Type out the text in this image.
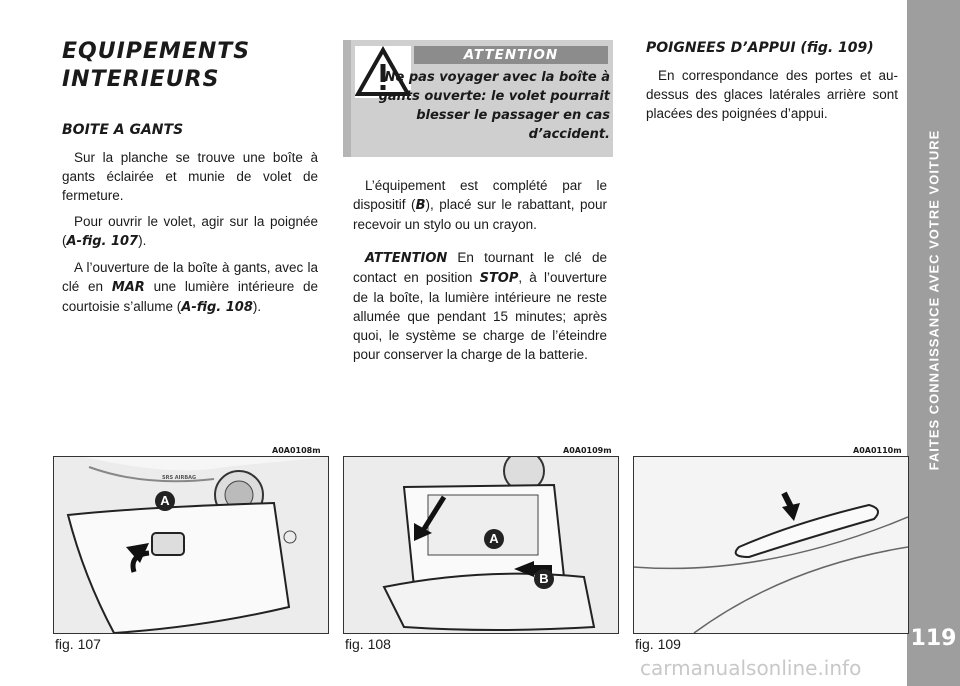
FAITES CONNAISSANCE AVEC VOTRE VOITURE
119
EQUIPEMENTS
INTERIEURS
BOITE A GANTS

Sur la planche se trouve une boîte à gants éclairée et munie de volet de fermeture.

Pour ouvrir le volet, agir sur la poignée (A-fig. 107).

A l’ouverture de la boîte à gants, avec la clé en MAR une lumière intérieure de courtoisie s’allume (A-fig. 108).

ATTENTION
Ne pas voyager avec la boîte à gants ouverte: le volet pourrait blesser le passager en cas d’accident.

L’équipement est complété par le dispositif (B), placé sur le rabattant, pour recevoir un stylo ou un crayon.

ATTENTION En tournant le clé de contact en position STOP, à l’ouverture de la boîte, la lumière intérieure ne reste allumée que pendant 15 minutes; après quoi, le système se charge de l’éteindre pour conserver la charge de la batterie.

POIGNEES D’APPUI (fig. 109)

En correspondance des portes et au-dessus des glaces latérales arrière sont placées des poignées d’appui.

A0A0108m
SRS AIRBAG
A
fig. 107
A0A0109m
A
B
fig. 108
A0A0110m
fig. 109
carmanualsonline.info
